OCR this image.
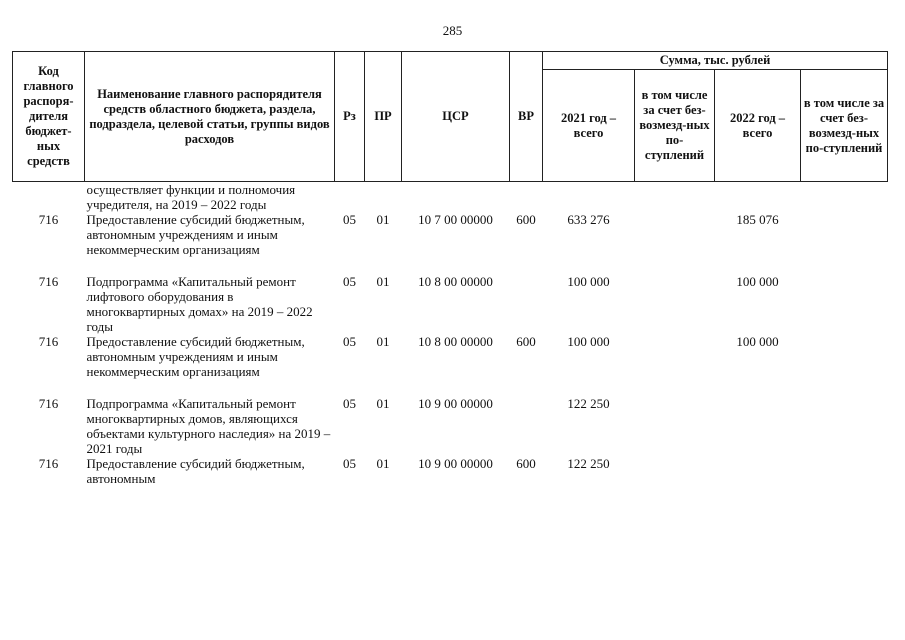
285
Код главного распоря-дителя бюджет-ных средств	Наименование главного распорядителя средств областного бюджета, раздела, подраздела, целевой статьи, группы видов расходов	Рз	ПР	ЦСР	ВР	Сумма, тыс. рублей			
						2021 год – всего	в том числе за счет без-возмезд-ных по-ступлений	2022 год – всего	в том числе за счет без-возмезд-ных по-ступлений
	осуществляет функции и полномочия учредителя, на 2019 – 2022 годы								
716	Предоставление субсидий бюджетным, автономным учреждениям и иным некоммерческим организациям	05	01	10 7 00 00000	600	633 276		185 076	
716	Подпрограмма «Капитальный ремонт лифтового оборудования в многоквартирных домах» на 2019 – 2022 годы	05	01	10 8 00 00000		100 000		100 000	
716	Предоставление субсидий бюджетным, автономным учреждениям и иным некоммерческим организациям	05	01	10 8 00 00000	600	100 000		100 000	
716	Подпрограмма «Капитальный ремонт многоквартирных домов, являющихся объектами культурного наследия» на 2019 – 2021 годы	05	01	10 9 00 00000		122 250			
716	Предоставление субсидий бюджетным, автономным	05	01	10 9 00 00000	600	122 250			
